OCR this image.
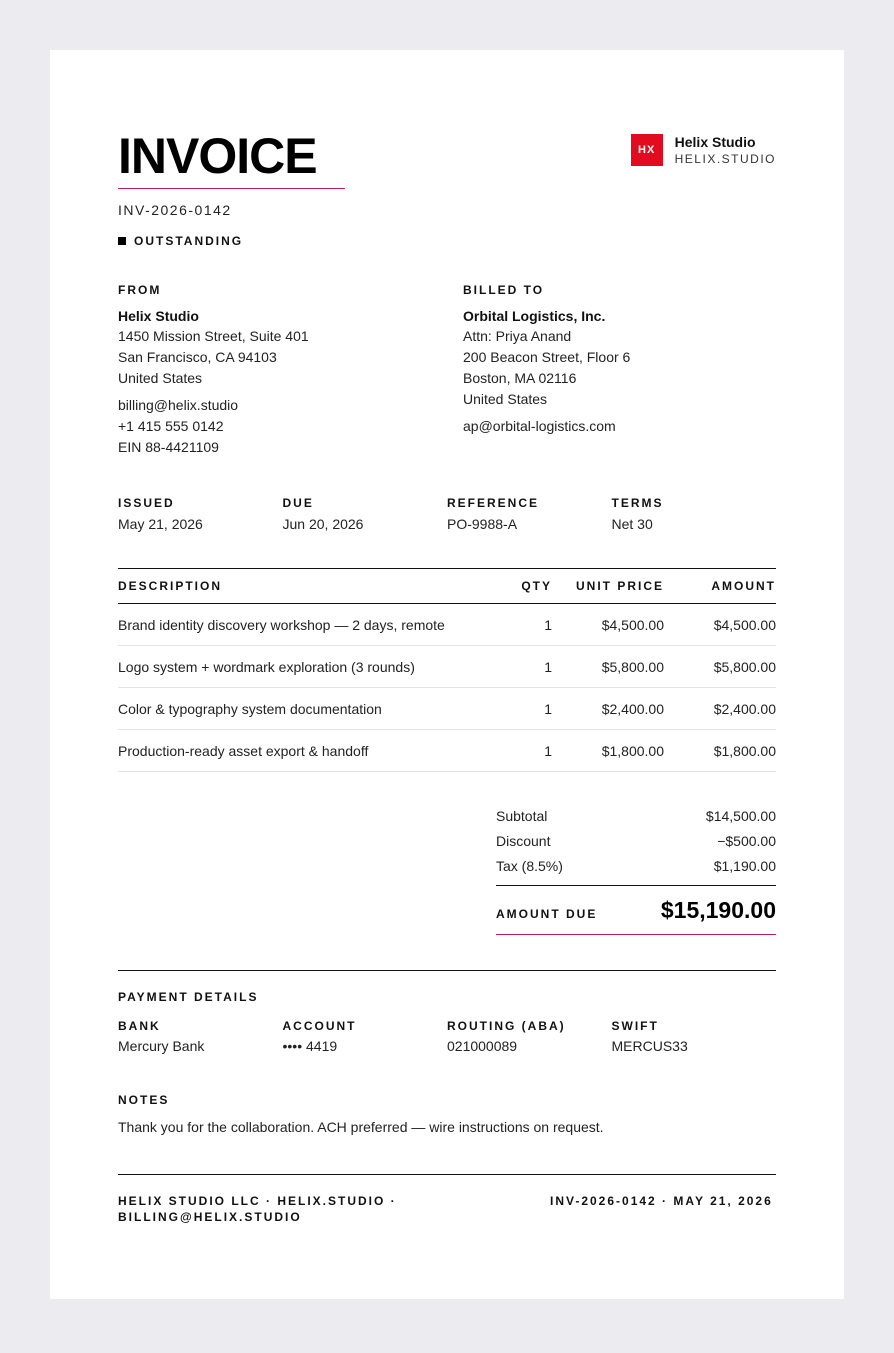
INVOICE
INV-2026-0142
OUTSTANDING
HX	Helix Studio
HELIX.STUDIO
FROM
Helix Studio
1450 Mission Street, Suite 401
San Francisco, CA 94103
United States
billing@helix.studio
+1 415 555 0142
EIN 88-4421109
BILLED TO
Orbital Logistics, Inc.
Attn: Priya Anand
200 Beacon Street, Floor 6
Boston, MA 02116
United States
ap@orbital-logistics.com
ISSUED
May 21, 2026
DUE
Jun 20, 2026
REFERENCE
PO-9988-A
TERMS
Net 30
DESCRIPTION	QTY	UNIT PRICE	AMOUNT
Brand identity discovery workshop — 2 days, remote	1	$4,500.00	$4,500.00
Logo system + wordmark exploration (3 rounds)	1	$5,800.00	$5,800.00
Color & typography system documentation	1	$2,400.00	$2,400.00
Production-ready asset export & handoff	1	$1,800.00	$1,800.00
Subtotal	$14,500.00
Discount	−$500.00
Tax (8.5%)	$1,190.00
AMOUNT DUE	$15,190.00
PAYMENT DETAILS
BANK
Mercury Bank
ACCOUNT
•••• 4419
ROUTING (ABA)
021000089
SWIFT
MERCUS33
NOTES
Thank you for the collaboration. ACH preferred — wire instructions on request.
HELIX STUDIO LLC · HELIX.STUDIO · BILLING@HELIX.STUDIO
INV-2026-0142 · MAY 21, 2026
